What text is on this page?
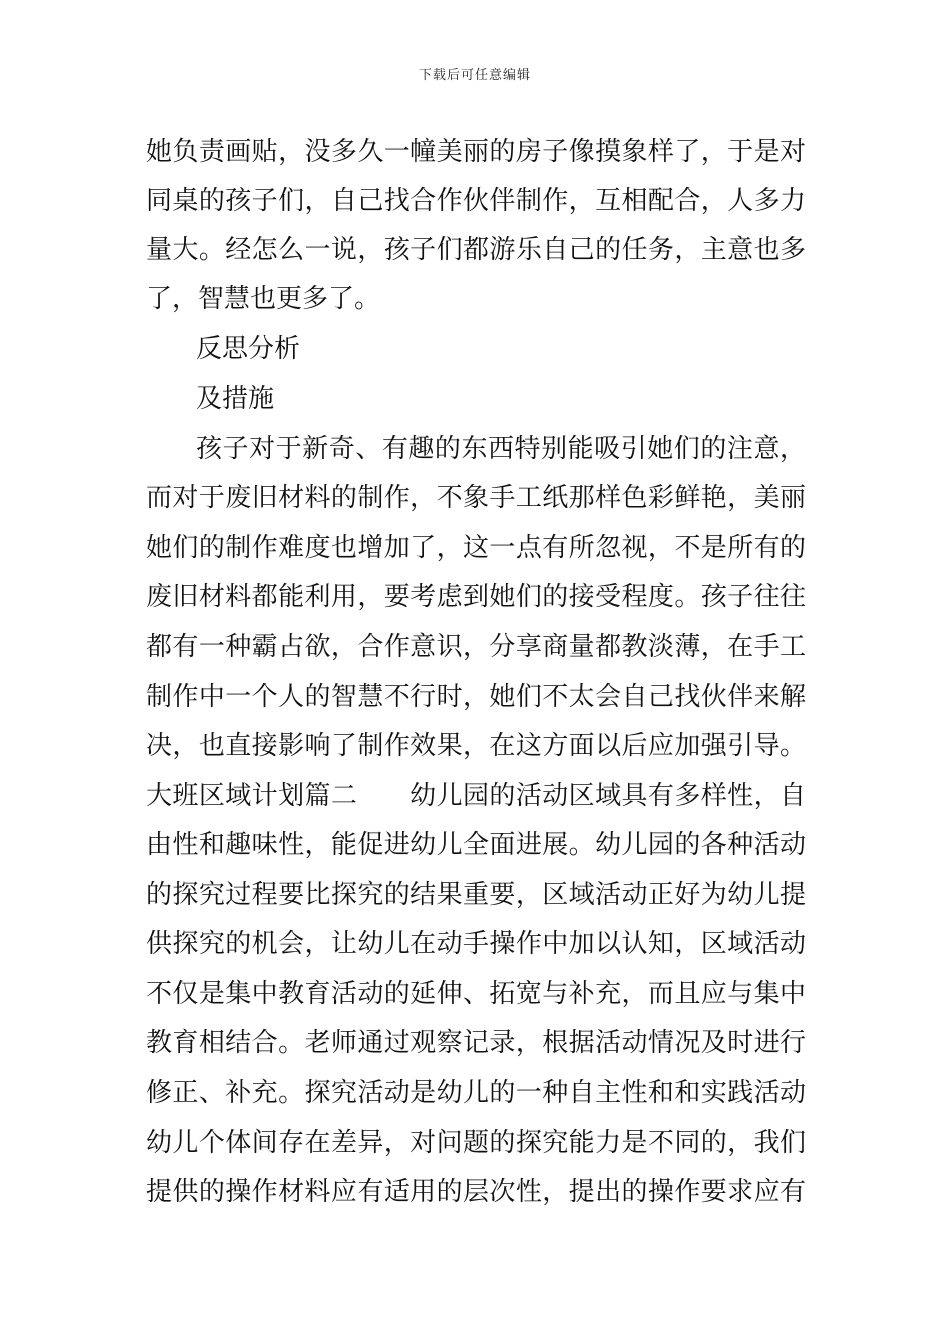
下载后可任意编辑
她负责画贴，没多久一幢美丽的房子像摸象样了，于是对
同桌的孩子们，自己找合作伙伴制作，互相配合，人多力
量大。经怎么一说，孩子们都游乐自己的任务，主意也多
了，智慧也更多了。
反思分析
及措施
孩子对于新奇、有趣的东西特别能吸引她们的注意，
而对于废旧材料的制作，不象手工纸那样色彩鲜艳，美丽
她们的制作难度也增加了，这一点有所忽视，不是所有的
废旧材料都能利用，要考虑到她们的接受程度。孩子往往
都有一种霸占欲，合作意识，分享商量都教淡薄，在手工
制作中一个人的智慧不行时，她们不太会自己找伙伴来解
决，也直接影响了制作效果，在这方面以后应加强引导。
大班区域计划篇二　　幼儿园的活动区域具有多样性，自
由性和趣味性，能促进幼儿全面进展。幼儿园的各种活动
的探究过程要比探究的结果重要，区域活动正好为幼儿提
供探究的机会，让幼儿在动手操作中加以认知，区域活动
不仅是集中教育活动的延伸、拓宽与补充，而且应与集中
教育相结合。老师通过观察记录，根据活动情况及时进行
修正、补充。探究活动是幼儿的一种自主性和和实践活动
幼儿个体间存在差异，对问题的探究能力是不同的，我们
提供的操作材料应有适用的层次性，提出的操作要求应有
